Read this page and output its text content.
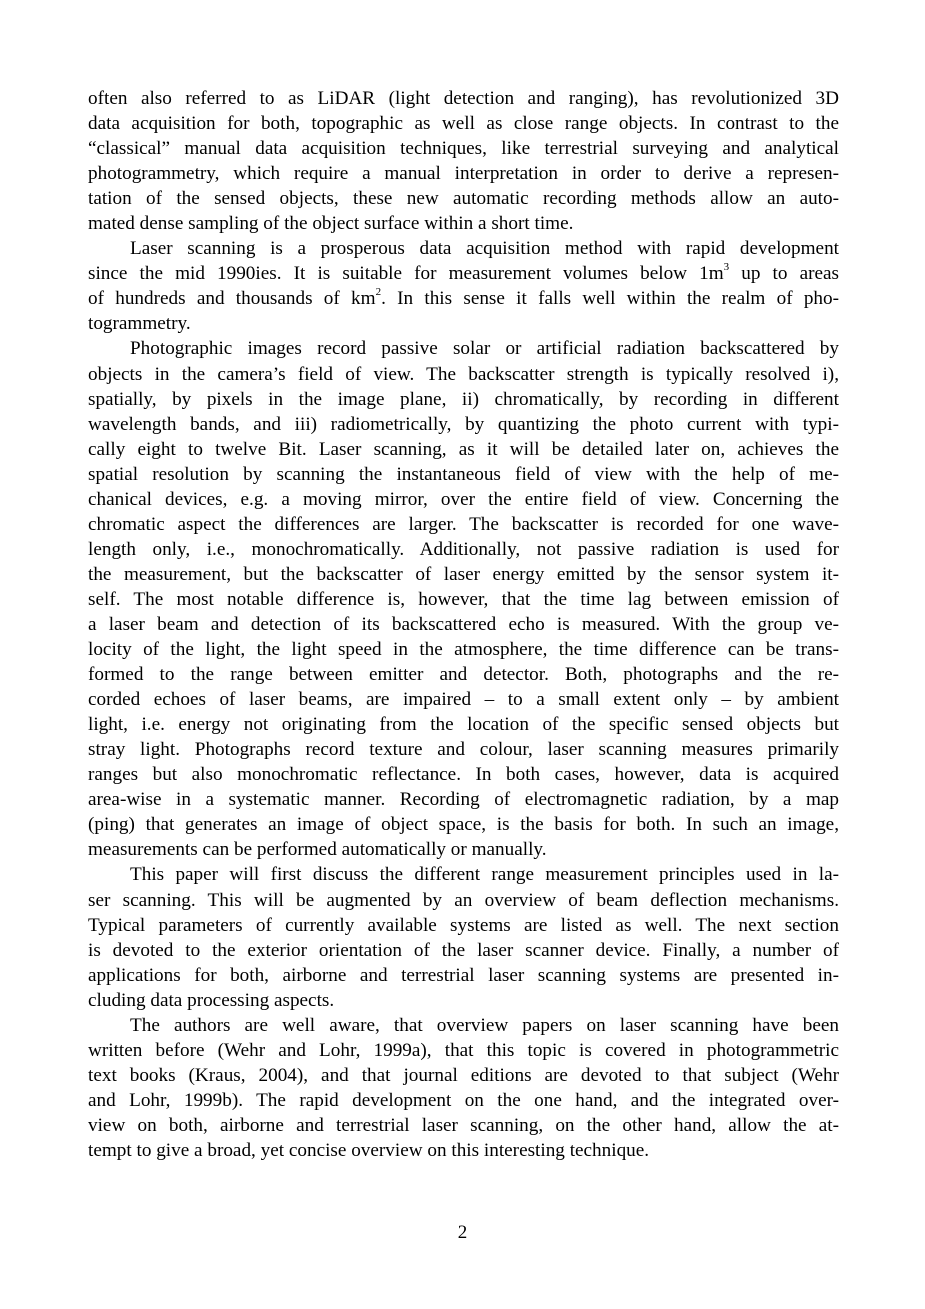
often also referred to as LiDAR (light detection and ranging), has revolutionized 3D
data acquisition for both, topographic as well as close range objects. In contrast to the
“classical” manual data acquisition techniques, like terrestrial surveying and analytical
photogrammetry, which require a manual interpretation in order to derive a represen-
tation of the sensed objects, these new automatic recording methods allow an auto-
mated dense sampling of the object surface within a short time.
Laser scanning is a prosperous data acquisition method with rapid development
since the mid 1990ies. It is suitable for measurement volumes below $1m^3$ up to areas
of hundreds and thousands of $km^2$. In this sense it falls well within the realm of pho-
togrammetry.
Photographic images record passive solar or artificial radiation backscattered by
objects in the camera’s field of view. The backscatter strength is typically resolved i),
spatially, by pixels in the image plane, ii) chromatically, by recording in different
wavelength bands, and iii) radiometrically, by quantizing the photo current with typi-
cally eight to twelve Bit. Laser scanning, as it will be detailed later on, achieves the
spatial resolution by scanning the instantaneous field of view with the help of me-
chanical devices, e.g. a moving mirror, over the entire field of view. Concerning the
chromatic aspect the differences are larger. The backscatter is recorded for one wave-
length only, i.e., monochromatically. Additionally, not passive radiation is used for
the measurement, but the backscatter of laser energy emitted by the sensor system it-
self. The most notable difference is, however, that the time lag between emission of
a laser beam and detection of its backscattered echo is measured. With the group ve-
locity of the light, the light speed in the atmosphere, the time difference can be trans-
formed to the range between emitter and detector. Both, photographs and the re-
corded echoes of laser beams, are impaired – to a small extent only – by ambient
light, i.e. energy not originating from the location of the specific sensed objects but
stray light. Photographs record texture and colour, laser scanning measures primarily
ranges but also monochromatic reflectance. In both cases, however, data is acquired
area-wise in a systematic manner. Recording of electromagnetic radiation, by a map
(ping) that generates an image of object space, is the basis for both. In such an image,
measurements can be performed automatically or manually.
This paper will first discuss the different range measurement principles used in la-
ser scanning. This will be augmented by an overview of beam deflection mechanisms.
Typical parameters of currently available systems are listed as well. The next section
is devoted to the exterior orientation of the laser scanner device. Finally, a number of
applications for both, airborne and terrestrial laser scanning systems are presented in-
cluding data processing aspects.
The authors are well aware, that overview papers on laser scanning have been
written before (Wehr and Lohr, 1999a), that this topic is covered in photogrammetric
text books (Kraus, 2004), and that journal editions are devoted to that subject (Wehr
and Lohr, 1999b). The rapid development on the one hand, and the integrated over-
view on both, airborne and terrestrial laser scanning, on the other hand, allow the at-
tempt to give a broad, yet concise overview on this interesting technique.
2
